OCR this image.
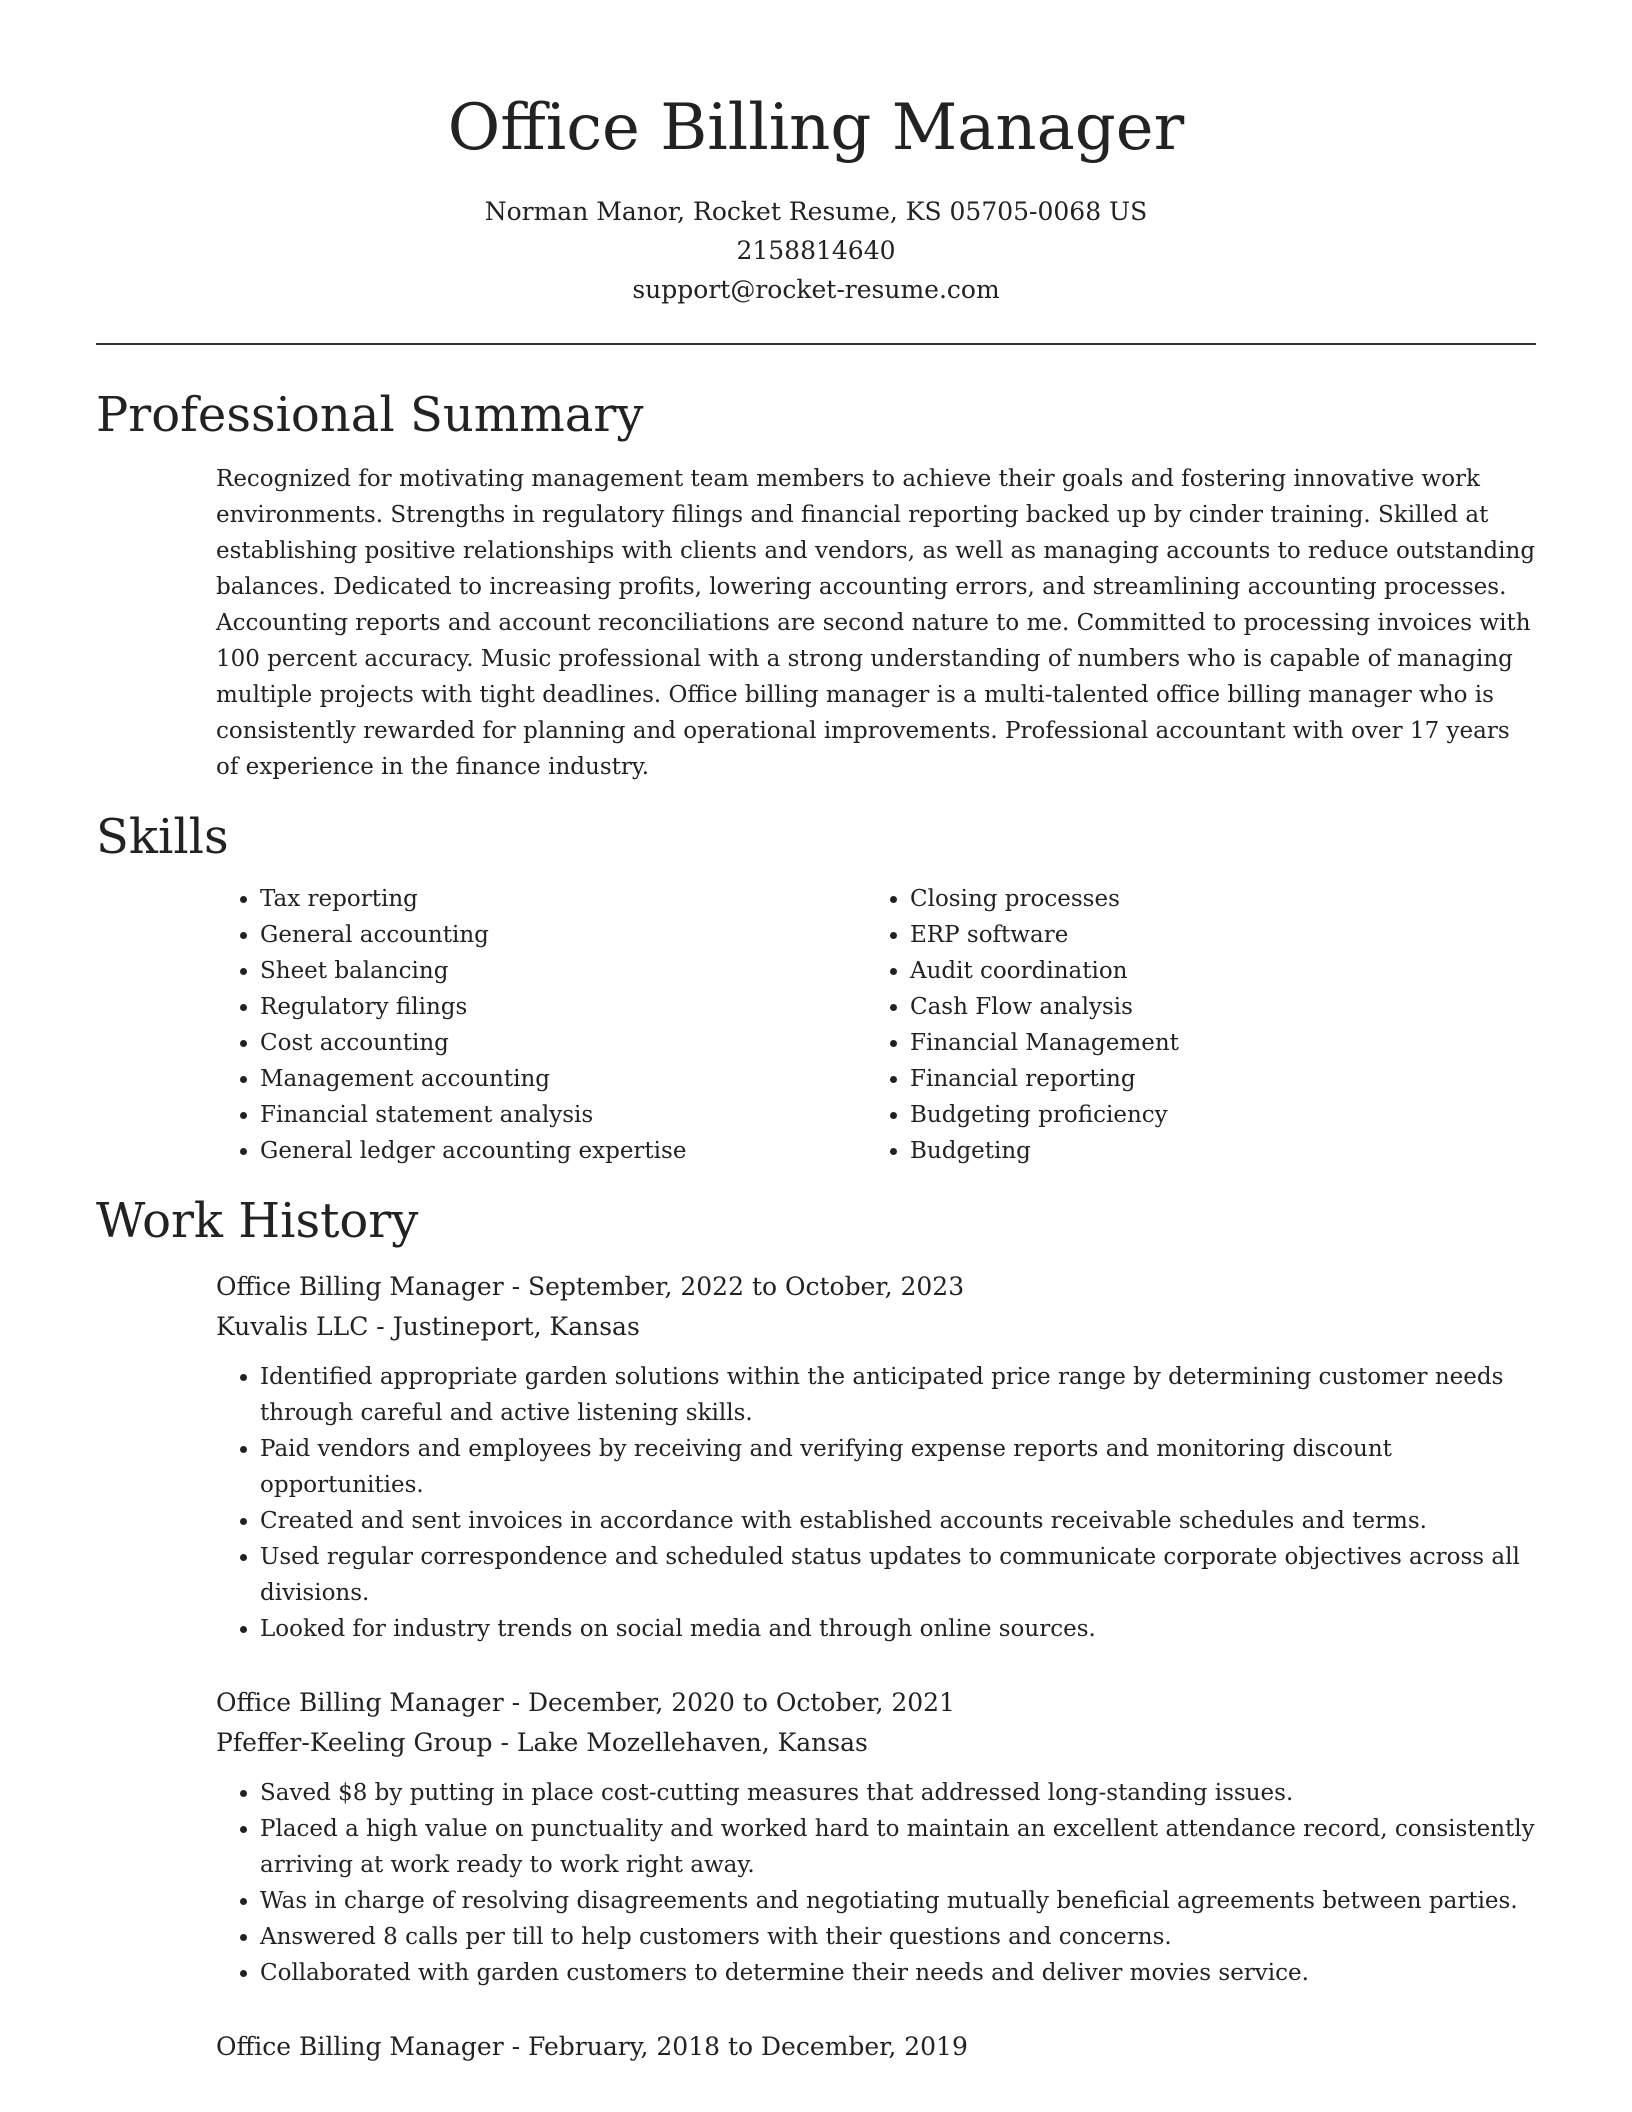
Office Billing Manager
Norman Manor, Rocket Resume, KS 05705-0068 US
2158814640
support@rocket-resume.com
Professional Summary

Recognized for motivating management team members to achieve their goals and fostering innovative work environments. Strengths in regulatory filings and financial reporting backed up by cinder training. Skilled at establishing positive relationships with clients and vendors, as well as managing accounts to reduce outstanding balances. Dedicated to increasing profits, lowering accounting errors, and streamlining accounting processes. Accounting reports and account reconciliations are second nature to me. Committed to processing invoices with 100 percent accuracy. Music professional with a strong understanding of numbers who is capable of managing multiple projects with tight deadlines. Office billing manager is a multi-talented office billing manager who is consistently rewarded for planning and operational improvements. Professional accountant with over 17 years of experience in the finance industry.

Skills
• Tax reporting
• General accounting
• Sheet balancing
• Regulatory filings
• Cost accounting
• Management accounting
• Financial statement analysis
• General ledger accounting expertise
• Closing processes
• ERP software
• Audit coordination
• Cash Flow analysis
• Financial Management
• Financial reporting
• Budgeting proficiency
• Budgeting
Work History
Office Billing Manager - September, 2022 to October, 2023
Kuvalis LLC - Justineport, Kansas
• Identified appropriate garden solutions within the anticipated price range by determining customer needs through careful and active listening skills.
• Paid vendors and employees by receiving and verifying expense reports and monitoring discount opportunities.
• Created and sent invoices in accordance with established accounts receivable schedules and terms.
• Used regular correspondence and scheduled status updates to communicate corporate objectives across all divisions.
• Looked for industry trends on social media and through online sources.
Office Billing Manager - December, 2020 to October, 2021
Pfeffer-Keeling Group - Lake Mozellehaven, Kansas
• Saved $8 by putting in place cost-cutting measures that addressed long-standing issues.
• Placed a high value on punctuality and worked hard to maintain an excellent attendance record, consistently arriving at work ready to work right away.
• Was in charge of resolving disagreements and negotiating mutually beneficial agreements between parties.
• Answered 8 calls per till to help customers with their questions and concerns.
• Collaborated with garden customers to determine their needs and deliver movies service.
Office Billing Manager - February, 2018 to December, 2019
